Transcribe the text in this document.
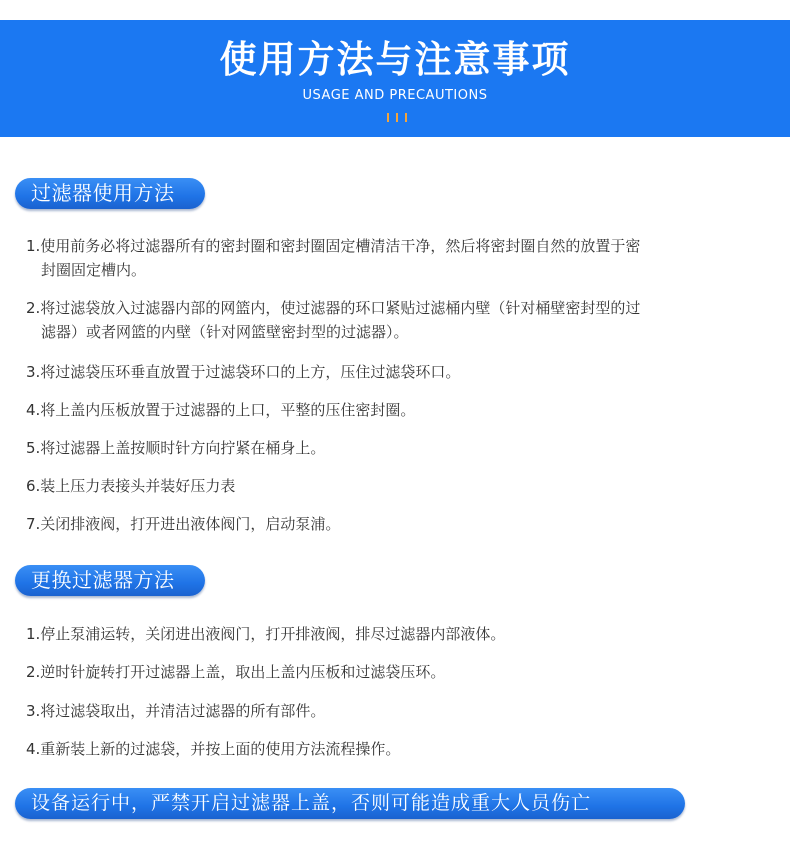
使用方法与注意事项
USAGE AND PRECAUTIONS
过滤器使用方法
1.使用前务必将过滤器所有的密封圈和密封圈固定槽清洁干净，然后将密封圈自然的放置于密
封圈固定槽内。
2.将过滤袋放入过滤器内部的网篮内，使过滤器的环口紧贴过滤桶内壁（针对桶壁密封型的过
滤器）或者网篮的内壁（针对网篮壁密封型的过滤器）。
3.将过滤袋压环垂直放置于过滤袋环口的上方，压住过滤袋环口。
4.将上盖内压板放置于过滤器的上口，平整的压住密封圈。
5.将过滤器上盖按顺时针方向拧紧在桶身上。
6.装上压力表接头并装好压力表
7.关闭排液阀，打开进出液体阀门，启动泵浦。
更换过滤器方法
1.停止泵浦运转，关闭进出液阀门，打开排液阀，排尽过滤器内部液体。
2.逆时针旋转打开过滤器上盖，取出上盖内压板和过滤袋压环。
3.将过滤袋取出，并清洁过滤器的所有部件。
4.重新装上新的过滤袋，并按上面的使用方法流程操作。
设备运行中，严禁开启过滤器上盖，否则可能造成重大人员伤亡
